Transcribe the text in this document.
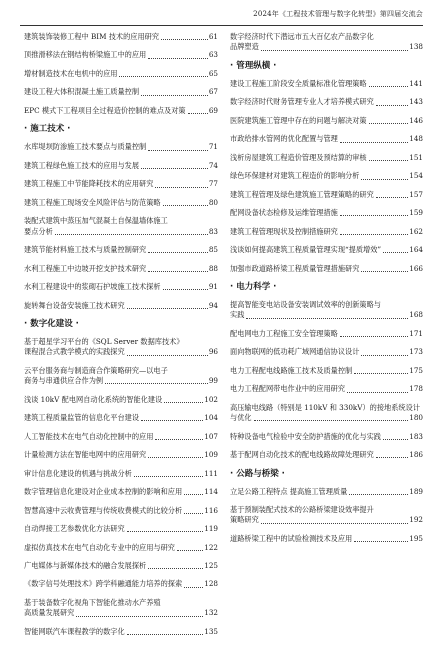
2024年《工程技术管理与数字化转型》第四届交流会
建筑装饰装修工程中 BIM 技术的应用研究	61
顶推滑移法在钢结构桥梁施工中的应用	63
增材制造技术在电机中的应用	65
建设工程大体积混凝土施工质量控制	67
EPC 模式下工程项目全过程造价控制的难点及对策	69
· 施工技术 ·
水库堤坝防渗施工技术要点与质量控制	71
建筑工程绿色施工技术的应用与发展	74
建筑工程施工中节能降耗技术的应用研究	77
建筑工程施工现场安全风险评估与防范策略	80
装配式建筑中蒸压加气混凝土自保温墙体施工
要点分析	83
建筑节能材料施工技术与质量控制研究	85
水利工程施工中边坡开挖支护技术研究	88
水利工程建设中的浆砌石护坡施工技术探析	91
旋转舞台设备安装施工技术研究	94
· 数字化建设 ·
基于超星学习平台的《SQL Server 数据库技术》
课程混合式教学模式的实践探究	96
云平台服务商与制造商合作策略研究—以电子
商务与串通供应合作为例	99
浅谈 10kV 配电网自动化系统的智能化建设	102
建筑工程质量监管的信息化平台建设	104
人工智能技术在电气自动化控制中的应用	107
计量检测方法在智能电网中的应用研究	109
审计信息化建设的机遇与挑战分析	111
数字管理信息化建设对企业成本控制的影响和应用	114
智慧高速中云收费管理与传统收费模式的比较分析	116
自动焊接工艺参数优化方法研究	119
虚拟仿真技术在电气自动化专业中的应用与研究	122
广电媒体与新媒体技术的融合发展探析	125
《数字信号处理技术》跨学科融通能力培养的探索	128
基于装备数字化视角下智能化推动水产养殖
高质量发展研究	132
智能网联汽车课程教学的数字化	135
数字经济时代下潜远市五大百亿农产品数字化
品牌塑造	138
· 管理纵横 ·
建设工程施工阶段安全质量标准化管理策略	141
数字经济时代财务管理专业人才培养模式研究	143
医院建筑施工管理中存在的问题与解决对策	146
市政给排水管网的优化配置与管理	148
浅析房屋建筑工程造价管理及预结算的审核	151
绿色环保建材对建筑工程造价的影响分析	154
建筑工程管理及绿色建筑施工管理策略的研究	157
配网设备状态检修及运维管理措施	159
建筑工程管理现状及控制措施研究	162
浅谈如何提高建筑工程质量管理实现“提质增效”	164
加强市政道路桥梁工程质量管理措施研究	166
· 电力科学 ·
提高智能变电站设备安装调试效率的创新策略与
实践	168
配电网电力工程施工安全管理策略	171
面向物联网的低功耗广域网通信协议设计	173
电力工程配电线路施工技术及质量控制	175
电力工程配网带电作业中的应用研究	178
高压输电线路（特别是 110kV 和 330kV）的接地系统设计
与优化	180
特种设备电气检验中安全防护措施的优化与实践	183
基于配网自动化技术的配电线路故障处理研究	186
· 公路与桥梁 ·
立足公路工程特点 提高施工管理质量	189
基于预制装配式技术的公路桥梁建设效率提升
策略研究	192
道路桥梁工程中的试验检测技术及应用	195
